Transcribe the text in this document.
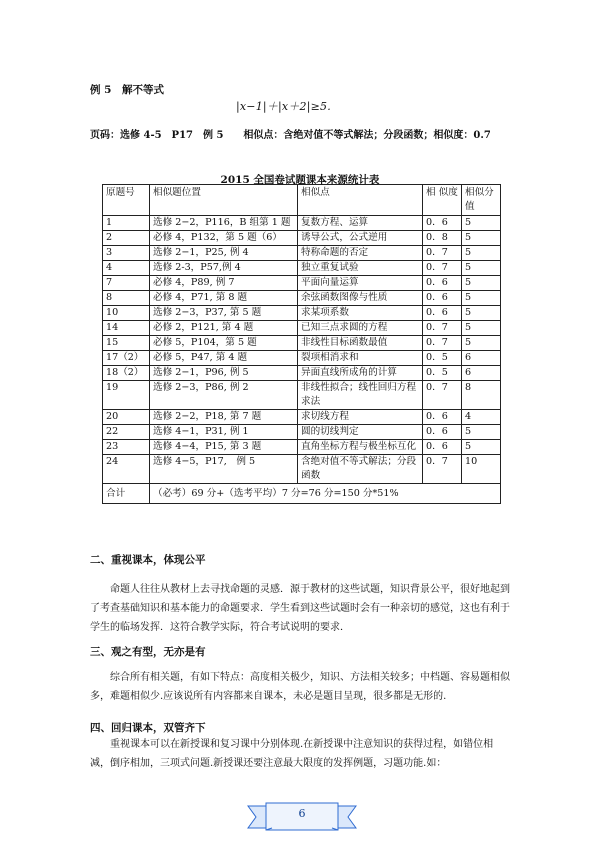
例 5　解不等式
|x−1|＋|x＋2|≥5.
页码：选修 4-5　P17　例 5　　相似点：含绝对值不等式解法；分段函数；相似度：0.7
2015 全国卷试题课本来源统计表
原题号	相似题位置	相似点	相 似度	相似分值
1	选修 2−2，P116，B 组第 1 题	复数方程、运算	0．6	5
2	必修 4，P132，第 5 题（6）	诱导公式，公式逆用	0．8	5
3	选修 2−1，P25, 例 4	特称命题的否定	0．7	5
4	选修 2-3，P57,例 4	独立重复试验	0．7	5
7	必修 4，P89, 例 7	平面向量运算	0．6	5
8	必修 4，P71, 第 8 题	余弦函数图像与性质	0．6	5
10	选修 2−3，P37, 第 5 题	求某项系数	0．6	5
14	必修 2，P121, 第 4 题	已知三点求圆的方程	0．7	5
15	必修 5，P104，第 5 题	非线性目标函数最值	0．7	5
17（2）	必修 5，P47, 第 4 题	裂项相消求和	0．5	6
18（2）	选修 2−1，P96, 例 5	异面直线所成角的计算	0．5	6
19	选修 2−3，P86, 例 2	非线性拟合；线性回归方程求法	0．7	8
20	选修 2−2，P18, 第 7 题	求切线方程	0．6	4
22	选修 4−1，P31, 例 1	圆的切线判定	0．6	5
23	选修 4−4，P15, 第 3 题	直角坐标方程与极坐标互化	0．6	5
24	选修 4−5，P17,　例 5	含绝对值不等式解法；分段函数	0．7	10
合计	（必考）69 分+（选考平均）7 分=76 分=150 分*51%			
二、重视课本，体现公平
命题人往往从教材上去寻找命题的灵感．源于教材的这些试题，知识背景公平，很好地起到了考查基础知识和基本能力的命题要求．学生看到这些试题时会有一种亲切的感觉，这也有利于学生的临场发挥．这符合教学实际，符合考试说明的要求．
三、观之有型，无亦是有
综合所有相关题，有如下特点：高度相关极少，知识、方法相关较多；中档题、容易题相似多，难题相似少.应该说所有内容都来自课本，未必是题目呈现，很多都是无形的.
四、回归课本，双管齐下
重视课本可以在新授课和复习课中分别体现.在新授课中注意知识的获得过程，如错位相减，倒序相加，三项式问题.新授课还要注意最大限度的发挥例题，习题功能.如：
6
